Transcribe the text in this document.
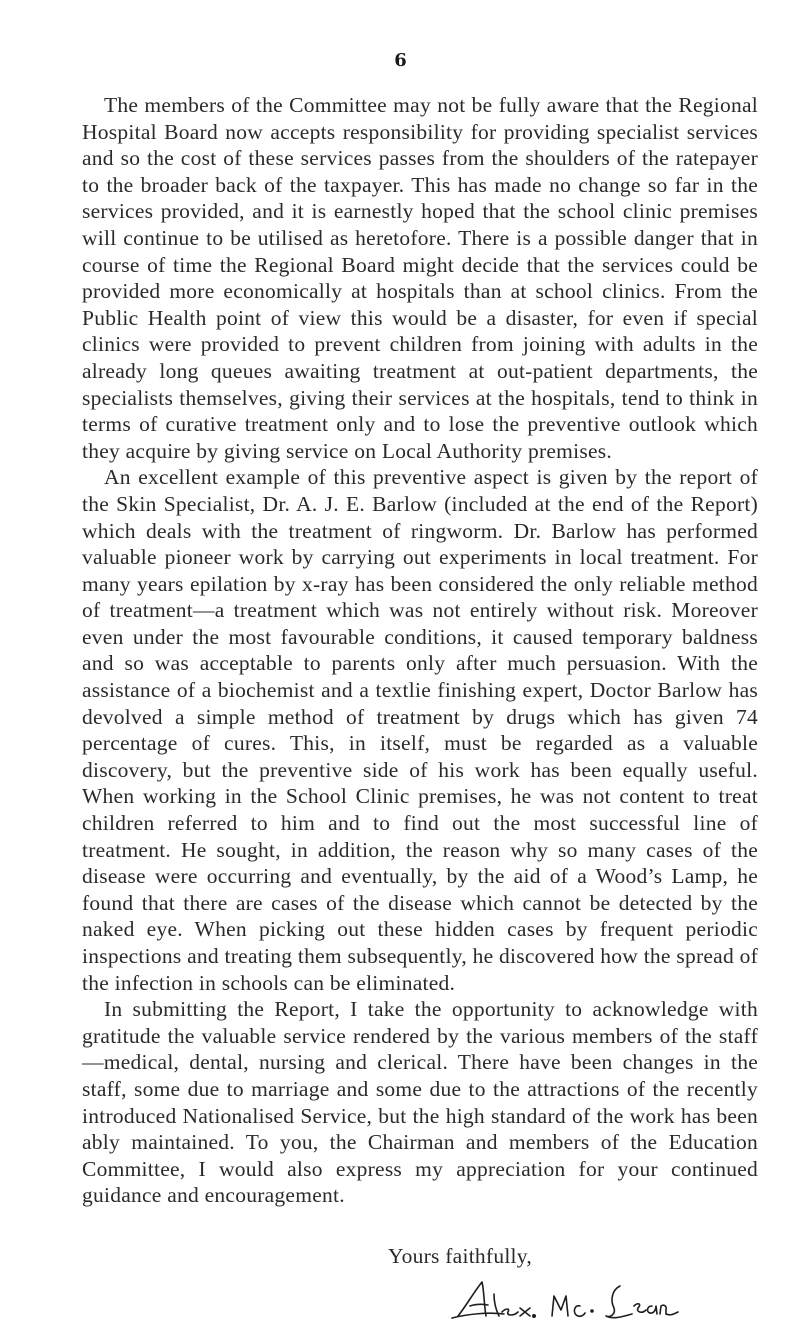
6

The members of the Committee may not be fully aware that the Regional Hospital Board now accepts responsibility for providing specialist services and so the cost of these services passes from the shoulders of the ratepayer to the broader back of the taxpayer. This has made no change so far in the services provided, and it is earnestly hoped that the school clinic premises will continue to be utilised as heretofore. There is a possible danger that in course of time the Regional Board might decide that the services could be provided more economically at hospitals than at school clinics. From the Public Health point of view this would be a disaster, for even if special clinics were provided to prevent children from joining with adults in the already long queues awaiting treatment at out-patient departments, the specialists themselves, giving their services at the hospitals, tend to think in terms of curative treatment only and to lose the preventive outlook which they acquire by giving service on Local Authority premises.

An excellent example of this preventive aspect is given by the report of the Skin Specialist, Dr. A. J. E. Barlow (included at the end of the Report) which deals with the treatment of ringworm. Dr. Barlow has performed valuable pioneer work by carrying out experiments in local treatment. For many years epilation by x-ray has been considered the only reliable method of treatment—a treatment which was not entirely without risk. Moreover even under the most favourable conditions, it caused temporary baldness and so was acceptable to parents only after much persuasion. With the assistance of a biochemist and a textlie finishing expert, Doctor Barlow has devolved a simple method of treatment by drugs which has given 74 percentage of cures. This, in itself, must be regarded as a valuable discovery, but the preventive side of his work has been equally useful. When working in the School Clinic premises, he was not content to treat children referred to him and to find out the most successful line of treatment. He sought, in addition, the reason why so many cases of the disease were occurring and eventually, by the aid of a Wood’s Lamp, he found that there are cases of the disease which cannot be detected by the naked eye. When picking out these hidden cases by frequent periodic inspections and treating them subsequently, he discovered how the spread of the infection in schools can be eliminated.

In submitting the Report, I take the opportunity to acknowledge with gratitude the valuable service rendered by the various members of the staff—medical, dental, nursing and clerical. There have been changes in the staff, some due to marriage and some due to the attractions of the recently introduced Nationalised Service, but the high standard of the work has been ably maintained. To you, the Chairman and members of the Education Committee, I would also express my appreciation for your continued guidance and encouragement.

Yours faithfully,
